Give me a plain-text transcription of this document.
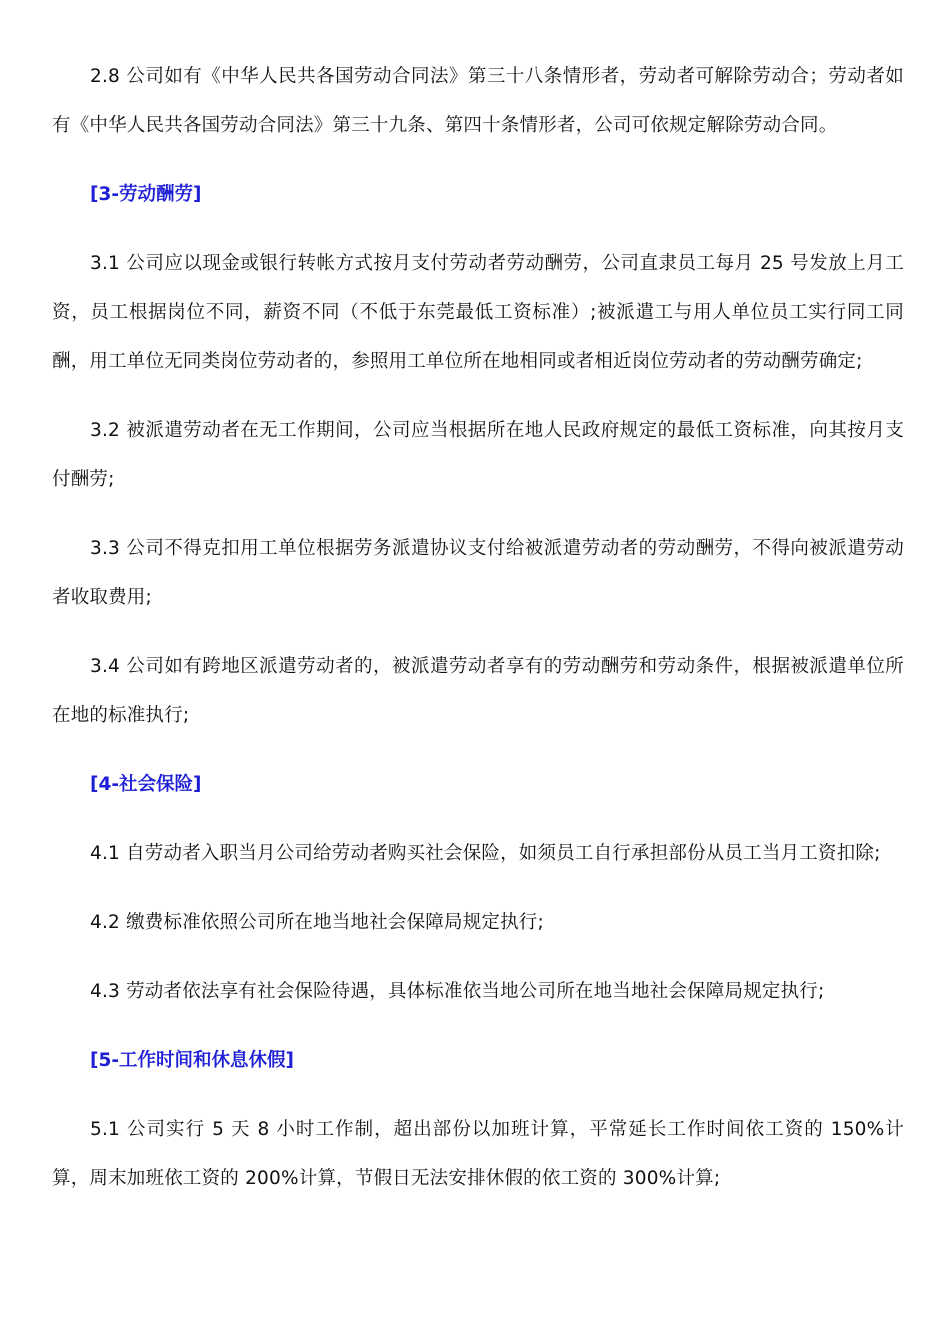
2.8 公司如有《中华人民共各国劳动合同法》第三十八条情形者，劳动者可解除劳动合；劳动者如有《中华人民共各国劳动合同法》第三十九条、第四十条情形者，公司可依规定解除劳动合同。

[3-劳动酬劳]

3.1 公司应以现金或银行转帐方式按月支付劳动者劳动酬劳，公司直隶员工每月 25 号发放上月工资，员工根据岗位不同，薪资不同（不低于东莞最低工资标准）;被派遣工与用人单位员工实行同工同酬，用工单位无同类岗位劳动者的，参照用工单位所在地相同或者相近岗位劳动者的劳动酬劳确定;

3.2 被派遣劳动者在无工作期间，公司应当根据所在地人民政府规定的最低工资标准，向其按月支付酬劳;

3.3 公司不得克扣用工单位根据劳务派遣协议支付给被派遣劳动者的劳动酬劳，不得向被派遣劳动者收取费用;

3.4 公司如有跨地区派遣劳动者的，被派遣劳动者享有的劳动酬劳和劳动条件，根据被派遣单位所在地的标准执行;

[4-社会保险]

4.1 自劳动者入职当月公司给劳动者购买社会保险，如须员工自行承担部份从员工当月工资扣除;

4.2 缴费标准依照公司所在地当地社会保障局规定执行;

4.3 劳动者依法享有社会保险待遇，具体标准依当地公司所在地当地社会保障局规定执行;

[5-工作时间和休息休假]

5.1 公司实行 5 天 8 小时工作制，超出部份以加班计算，平常延长工作时间依工资的 150%计算，周末加班依工资的 200%计算，节假日无法安排休假的依工资的 300%计算;
